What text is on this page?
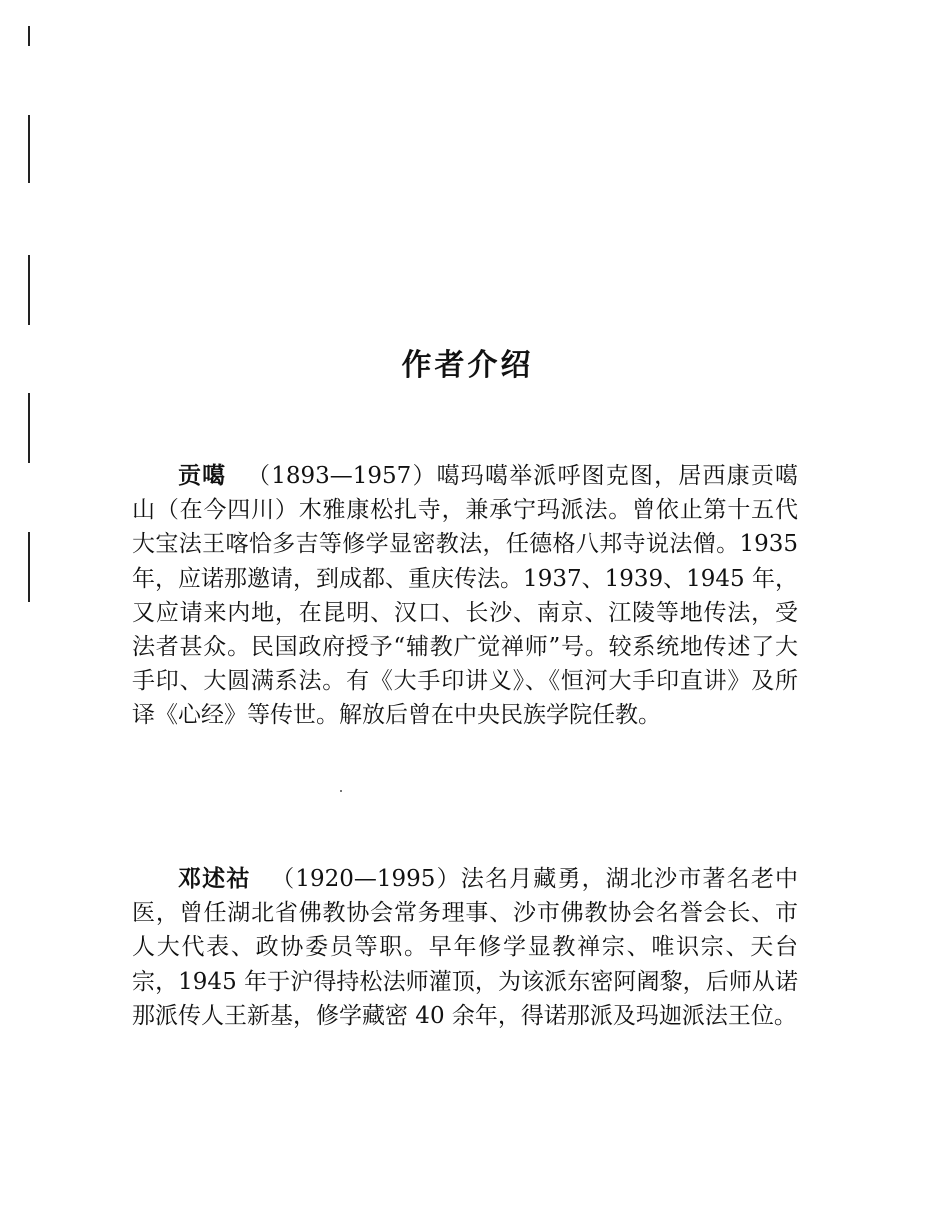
作者介绍

贡噶 （1893—1957）噶玛噶举派呼图克图，居西康贡噶山（在今四川）木雅康松扎寺，兼承宁玛派法。曾依止第十五代大宝法王喀恰多吉等修学显密教法，任德格八邦寺说法僧。1935 年，应诺那邀请，到成都、重庆传法。1937、1939、1945 年，又应请来内地，在昆明、汉口、长沙、南京、江陵等地传法，受法者甚众。民国政府授予“辅教广觉禅师”号。较系统地传述了大手印、大圆满系法。有《大手印讲义》、《恒河大手印直讲》及所译《心经》等传世。解放后曾在中央民族学院任教。

邓述祜 （1920—1995）法名月藏勇，湖北沙市著名老中医，曾任湖北省佛教协会常务理事、沙市佛教协会名誉会长、市人大代表、政协委员等职。早年修学显教禅宗、唯识宗、天台宗，1945 年于沪得持松法师灌顶，为该派东密阿阇黎，后师从诺那派传人王新基，修学藏密 40 余年，得诺那派及玛迦派法王位。
